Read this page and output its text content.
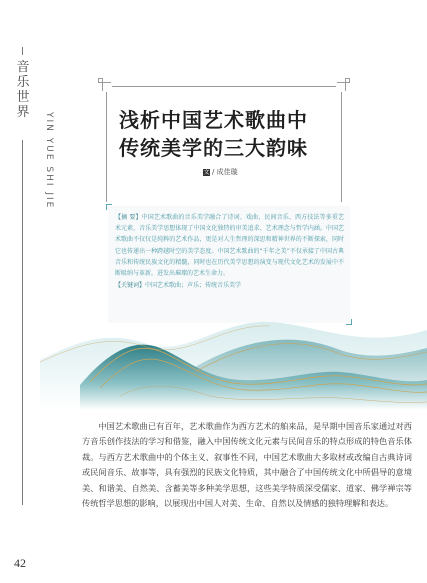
音
乐
世
界 YIN YUE SHI JIE
42
浅析中国艺术歌曲中
传统美学的三大韵味
文 / 成佳璇
【摘 要】中国艺术歌曲的音乐美学融合了诗词、戏曲、民间音乐、西方技法等多重艺术元素，音乐美学思想体现了中国文化独特的审美追求、艺术理念与哲学内涵。中国艺术歌曲不仅仅是纯粹的艺术作品，更是对人生哲理的深思和精神世界的不断探索，同时它也传递出一种跨越时空的美学态度。中国艺术歌曲的“千年之美”不仅承接了中国古典音乐和传统民族文化的精髓，同时也在历代美学思想的演变与现代文化艺术的发展中不断吸纳与革新，进发出璀璨的艺术生命力。
【关键词】中国艺术歌曲；声乐；传统音乐美学
中国艺术歌曲已有百年，艺术歌曲作为西方艺术的舶来品，是早期中国音乐家通过对西方音乐创作技法的学习和借鉴，融入中国传统文化元素与民间音乐的特点形成的特色音乐体裁。与西方艺术歌曲中的个体主义、叙事性不同，中国艺术歌曲大多取材或改编自古典诗词或民间音乐、故事等，具有强烈的民族文化特质，其中融合了中国传统文化中所倡导的意境美、和谐美、自然美、含蓄美等多种美学思想，这些美学特质深受儒家、道家、佛学禅宗等传统哲学思想的影响，以展现出中国人对美、生命、自然以及情感的独特理解和表达。
